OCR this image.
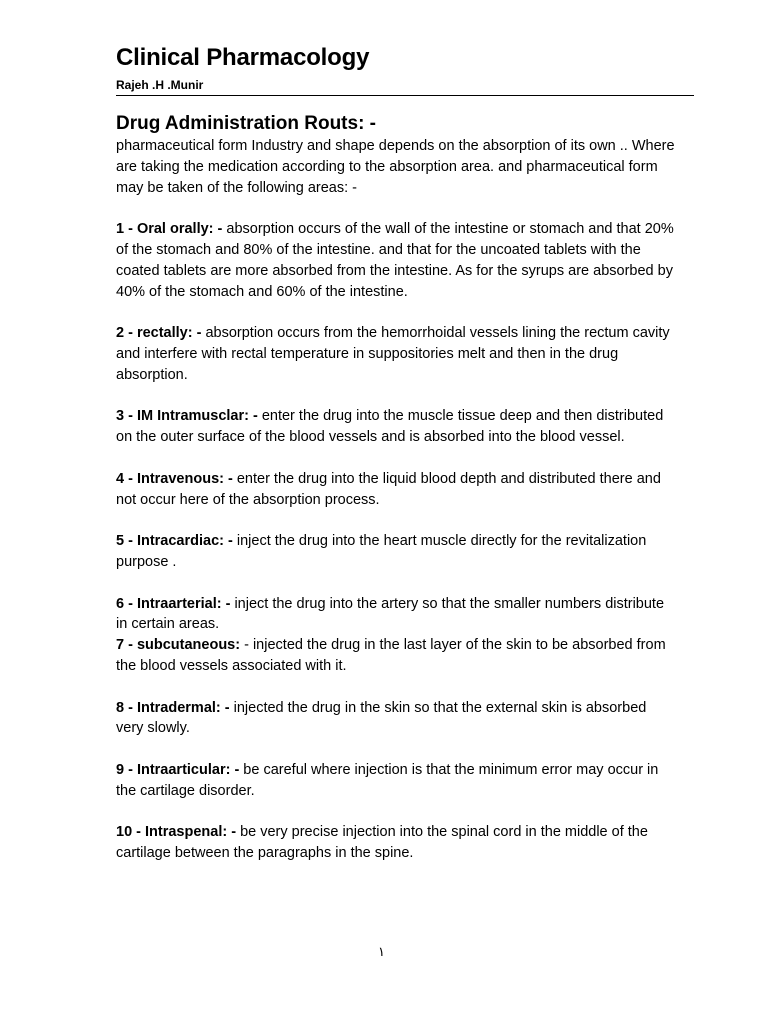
Clinical Pharmacology
Rajeh .H .Munir
Drug Administration Routs: -

pharmaceutical form Industry and shape depends on the absorption of its own .. Where are taking the medication according to the absorption area. and pharmaceutical form may be taken of the following areas: -

1 - Oral orally: - absorption occurs of the wall of the intestine or stomach and that 20% of the stomach and 80% of the intestine. and that for the uncoated tablets with the coated tablets are more absorbed from the intestine. As for the syrups are absorbed by 40% of the stomach and 60% of the intestine.

2 - rectally: - absorption occurs from the hemorrhoidal vessels lining the rectum cavity and interfere with rectal temperature in suppositories melt and then in the drug absorption.

3 - IM Intramusclar: - enter the drug into the muscle tissue deep and then distributed on the outer surface of the blood vessels and is absorbed into the blood vessel.

4 - Intravenous: - enter the drug into the liquid blood depth and distributed there and not occur here of the absorption process.

5 - Intracardiac: - inject the drug into the heart muscle directly for the revitalization purpose .

6 - Intraarterial: - inject the drug into the artery so that the smaller numbers distribute in certain areas.

7 - subcutaneous: - injected the drug in the last layer of the skin to be absorbed from the blood vessels associated with it.

8 - Intradermal: - injected the drug in the skin so that the external skin is absorbed very slowly.

9 - Intraarticular: - be careful where injection is that the minimum error may occur in the cartilage disorder.

10 - Intraspenal: - be very precise injection into the spinal cord in the middle of the cartilage between the paragraphs in the spine.

١
